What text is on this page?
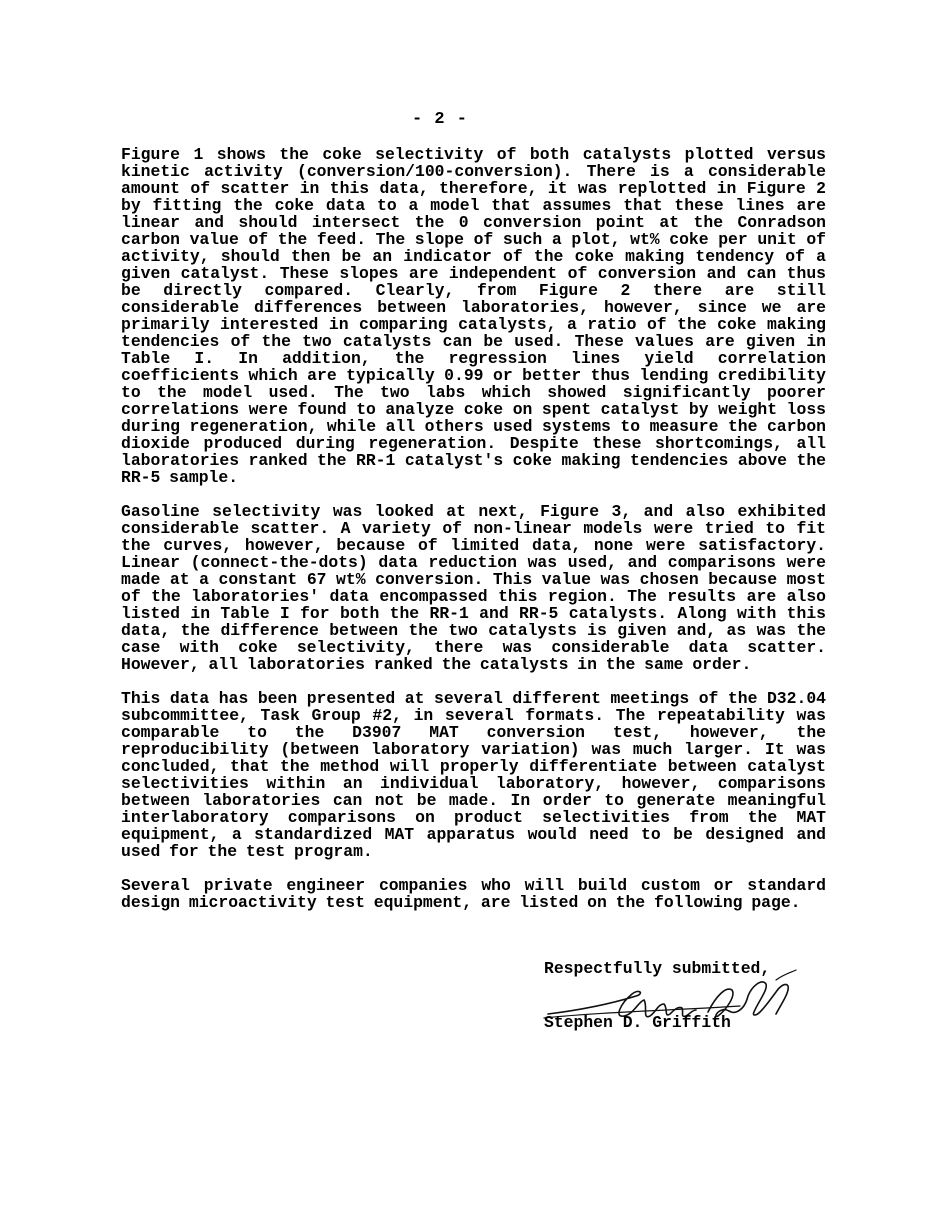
- 2 -

Figure 1 shows the coke selectivity of both catalysts plotted versus kinetic activity (conversion/100-conversion). There is a considerable amount of scatter in this data, therefore, it was replotted in Figure 2 by fitting the coke data to a model that assumes that these lines are linear and should intersect the 0 conversion point at the Conradson carbon value of the feed. The slope of such a plot, wt% coke per unit of activity, should then be an indicator of the coke making tendency of a given catalyst. These slopes are independent of conversion and can thus be directly compared. Clearly, from Figure 2 there are still considerable differences between laboratories, however, since we are primarily interested in comparing catalysts, a ratio of the coke making tendencies of the two catalysts can be used. These values are given in Table I. In addition, the regression lines yield correlation coefficients which are typically 0.99 or better thus lending credibility to the model used. The two labs which showed significantly poorer correlations were found to analyze coke on spent catalyst by weight loss during regeneration, while all others used systems to measure the carbon dioxide produced during regeneration. Despite these shortcomings, all laboratories ranked the RR-1 catalyst's coke making tendencies above the RR-5 sample.

Gasoline selectivity was looked at next, Figure 3, and also exhibited considerable scatter. A variety of non-linear models were tried to fit the curves, however, because of limited data, none were satisfactory. Linear (connect-the-dots) data reduction was used, and comparisons were made at a constant 67 wt% conversion. This value was chosen because most of the laboratories' data encompassed this region. The results are also listed in Table I for both the RR-1 and RR-5 catalysts. Along with this data, the difference between the two catalysts is given and, as was the case with coke selectivity, there was considerable data scatter. However, all laboratories ranked the catalysts in the same order.

This data has been presented at several different meetings of the D32.04 subcommittee, Task Group #2, in several formats. The repeatability was comparable to the D3907 MAT conversion test, however, the reproducibility (between laboratory variation) was much larger. It was concluded, that the method will properly differentiate between catalyst selectivities within an individual laboratory, however, comparisons between laboratories can not be made. In order to generate meaningful interlaboratory comparisons on product selectivities from the MAT equipment, a standardized MAT apparatus would need to be designed and used for the test program.

Several private engineer companies who will build custom or standard design microactivity test equipment, are listed on the following page.

Respectfully submitted,
Stephen D. Griffith
